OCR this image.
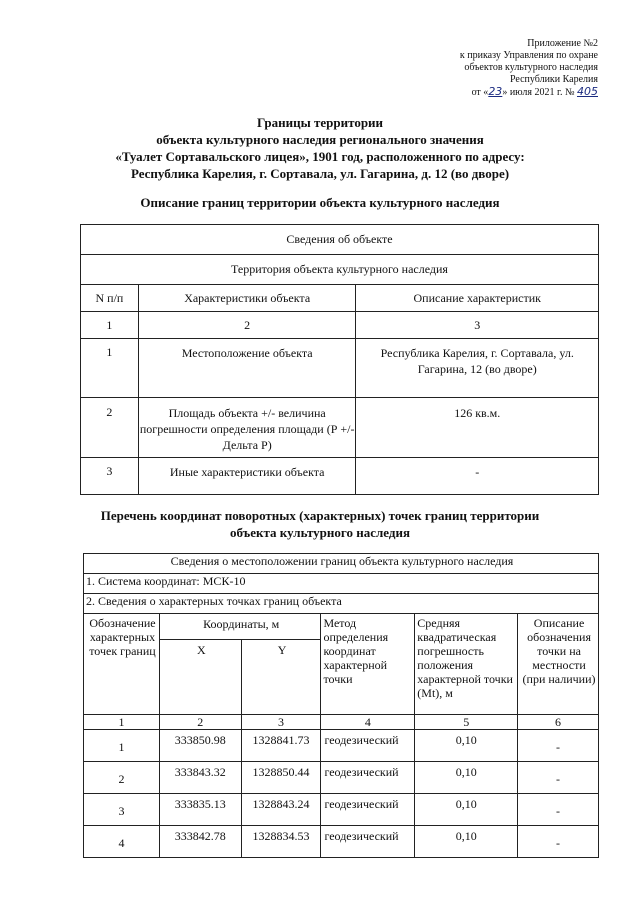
Приложение №2
к приказу Управления по охране
объектов культурного наследия
Республики Карелия
от «23» июля 2021 г. № 405
Границы территории
объекта культурного наследия регионального значения
«Туалет Сортавальского лицея», 1901 год, расположенного по адресу:
Республика Карелия, г. Сортавала, ул. Гагарина, д. 12 (во дворе)
Описание границ территории объекта культурного наследия
Сведения об объекте		
Территория объекта культурного наследия		
N п/п	Характеристики объекта	Описание характеристик
1	2	3
1	Местоположение объекта	Республика Карелия, г. Сортавала, ул. Гагарина, 12 (во дворе)
2	Площадь объекта +/- величина погрешности определения площади (Р +/- Дельта Р)	126 кв.м.
3	Иные характеристики объекта	-
Перечень координат поворотных (характерных) точек границ территории
объекта культурного наследия
Сведения о местоположении границ объекта культурного наследия					
1. Система координат: МСК-10					
2. Сведения о характерных точках границ объекта					
Обозначение характерных точек границ	Координаты, м		Метод определения координат характерной точки	Средняя квадратическая погрешность положения характерной точки (Mt), м	Описание обозначения точки на местности (при наличии)
	X	Y			
1	2	3	4	5	6
1	333850.98	1328841.73	геодезический	0,10	-
2	333843.32	1328850.44	геодезический	0,10	-
3	333835.13	1328843.24	геодезический	0,10	-
4	333842.78	1328834.53	геодезический	0,10	-
